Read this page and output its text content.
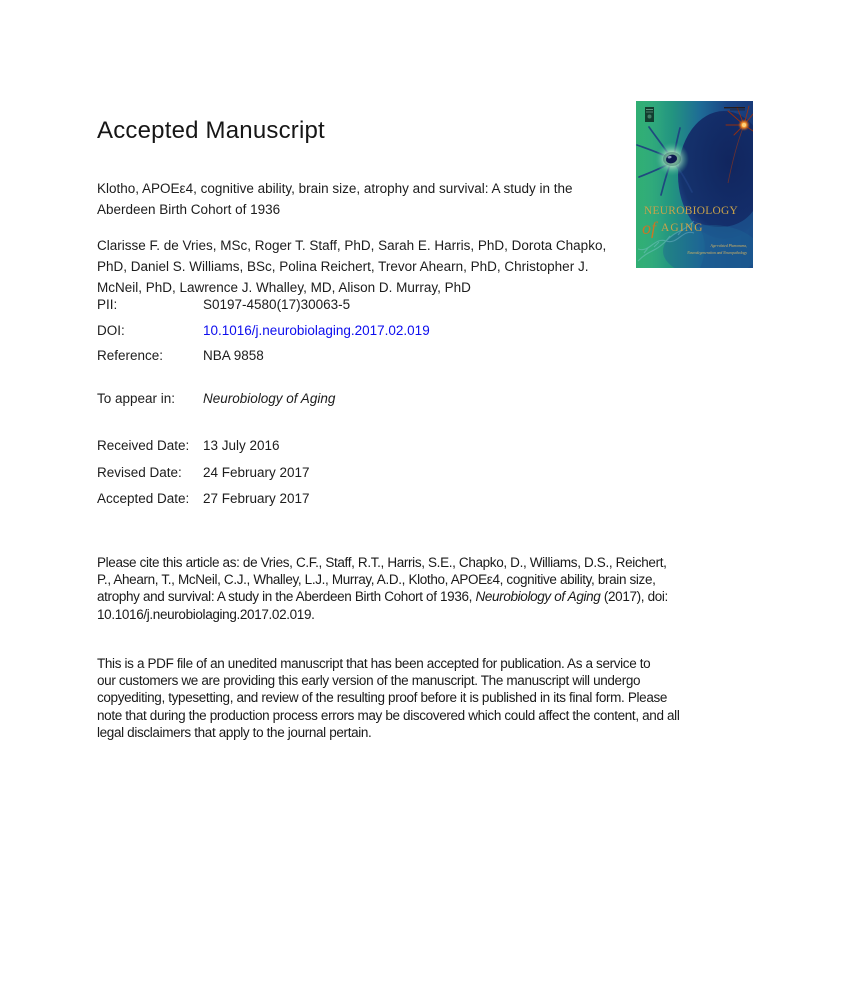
Accepted Manuscript
NEUROBIOLOGY
of AGING
Age-related Phenomena,
Neurodegeneration and Neuropathology
Klotho, APOEε4, cognitive ability, brain size, atrophy and survival: A study in the
Aberdeen Birth Cohort of 1936
Clarisse F. de Vries, MSc, Roger T. Staff, PhD, Sarah E. Harris, PhD, Dorota Chapko,
PhD, Daniel S. Williams, BSc, Polina Reichert, Trevor Ahearn, PhD, Christopher J.
McNeil, PhD, Lawrence J. Whalley, MD, Alison D. Murray, PhD
PII:	S0197-4580(17)30063-5
DOI:	10.1016/j.neurobiolaging.2017.02.019
Reference:	NBA 9858
To appear in: Neurobiology of Aging
Received Date: 13 July 2016
Revised Date: 24 February 2017
Accepted Date: 27 February 2017
Please cite this article as: de Vries, C.F., Staff, R.T., Harris, S.E., Chapko, D., Williams, D.S., Reichert,
P., Ahearn, T., McNeil, C.J., Whalley, L.J., Murray, A.D., Klotho, APOEε4, cognitive ability, brain size,
atrophy and survival: A study in the Aberdeen Birth Cohort of 1936, Neurobiology of Aging (2017), doi:
10.1016/j.neurobiolaging.2017.02.019.
This is a PDF file of an unedited manuscript that has been accepted for publication. As a service to
our customers we are providing this early version of the manuscript. The manuscript will undergo
copyediting, typesetting, and review of the resulting proof before it is published in its final form. Please
note that during the production process errors may be discovered which could affect the content, and all
legal disclaimers that apply to the journal pertain.
